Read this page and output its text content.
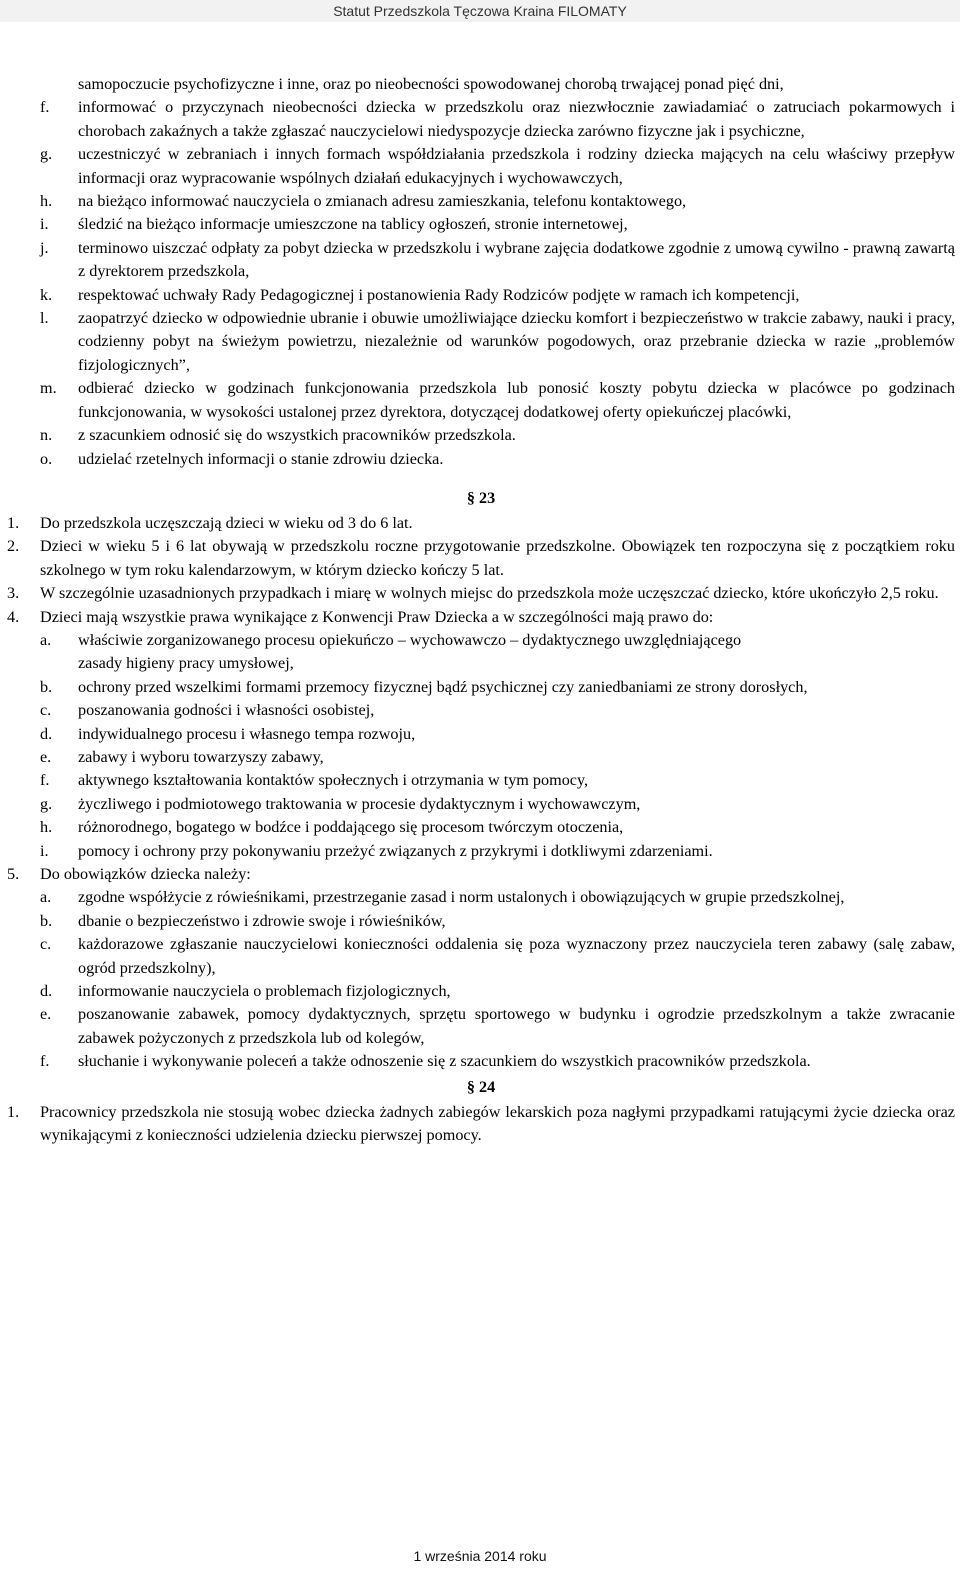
Statut Przedszkola Tęczowa Kraina FILOMATY
samopoczucie psychofizyczne i inne, oraz po nieobecności spowodowanej chorobą trwającej ponad pięć dni,
f. informować o przyczynach nieobecności dziecka w przedszkolu oraz niezwłocznie zawiadamiać o zatruciach pokarmowych i chorobach zakaźnych a także zgłaszać nauczycielowi niedyspozycje dziecka zarówno fizyczne jak i psychiczne,
g. uczestniczyć w zebraniach i innych formach współdziałania przedszkola i rodziny dziecka mających na celu właściwy przepływ informacji oraz wypracowanie wspólnych działań edukacyjnych i wychowawczych,
h. na bieżąco informować nauczyciela o zmianach adresu zamieszkania, telefonu kontaktowego,
i. śledzić na bieżąco informacje umieszczone na tablicy ogłoszeń, stronie internetowej,
j. terminowo uiszczać odpłaty za pobyt dziecka w przedszkolu i wybrane zajęcia dodatkowe zgodnie z umową cywilno - prawną zawartą z dyrektorem przedszkola,
k. respektować uchwały Rady Pedagogicznej i postanowienia Rady Rodziców podjęte w ramach ich kompetencji,
l. zaopatrzyć dziecko w odpowiednie ubranie i obuwie umożliwiające dziecku komfort i bezpieczeństwo w trakcie zabawy, nauki i pracy, codzienny pobyt na świeżym powietrzu, niezależnie od warunków pogodowych, oraz przebranie dziecka w razie „problemów fizjologicznych”,
m. odbierać dziecko w godzinach funkcjonowania przedszkola lub ponosić koszty pobytu dziecka w placówce po godzinach funkcjonowania, w wysokości ustalonej przez dyrektora, dotyczącej dodatkowej oferty opiekuńczej placówki,
n. z szacunkiem odnosić się do wszystkich pracowników przedszkola.
o. udzielać rzetelnych informacji o stanie zdrowiu dziecka.
§ 23
1. Do przedszkola uczęszczają dzieci w wieku od 3 do 6 lat.
2. Dzieci w wieku 5 i 6 lat obywają w przedszkolu roczne przygotowanie przedszkolne. Obowiązek ten rozpoczyna się z początkiem roku szkolnego w tym roku kalendarzowym, w którym dziecko kończy 5 lat.
3. W szczególnie uzasadnionych przypadkach i miarę w wolnych miejsc do przedszkola może uczęszczać dziecko, które ukończyło 2,5 roku.
4. Dzieci mają wszystkie prawa wynikające z Konwencji Praw Dziecka a w szczególności mają prawo do:
a. właściwie zorganizowanego procesu opiekuńczo – wychowawczo – dydaktycznego uwzględniającego
zasady higieny pracy umysłowej,
b. ochrony przed wszelkimi formami przemocy fizycznej bądź psychicznej czy zaniedbaniami ze strony dorosłych,
c. poszanowania godności i własności osobistej,
d. indywidualnego procesu i własnego tempa rozwoju,
e. zabawy i wyboru towarzyszy zabawy,
f. aktywnego kształtowania kontaktów społecznych i otrzymania w tym pomocy,
g. życzliwego i podmiotowego traktowania w procesie dydaktycznym i wychowawczym,
h. różnorodnego, bogatego w bodźce i poddającego się procesom twórczym otoczenia,
i. pomocy i ochrony przy pokonywaniu przeżyć związanych z przykrymi i dotkliwymi zdarzeniami.
5. Do obowiązków dziecka należy:
a. zgodne współżycie z rówieśnikami, przestrzeganie zasad i norm ustalonych i obowiązujących w grupie przedszkolnej,
b. dbanie o bezpieczeństwo i zdrowie swoje i rówieśników,
c. każdorazowe zgłaszanie nauczycielowi konieczności oddalenia się poza wyznaczony przez nauczyciela teren zabawy (salę zabaw, ogród przedszkolny),
d. informowanie nauczyciela o problemach fizjologicznych,
e. poszanowanie zabawek, pomocy dydaktycznych, sprzętu sportowego w budynku i ogrodzie przedszkolnym a także zwracanie zabawek pożyczonych z przedszkola lub od kolegów,
f. słuchanie i wykonywanie poleceń a także odnoszenie się z szacunkiem do wszystkich pracowników przedszkola.
§ 24
1. Pracownicy przedszkola nie stosują wobec dziecka żadnych zabiegów lekarskich poza nagłymi przypadkami ratującymi życie dziecka oraz wynikającymi z konieczności udzielenia dziecku pierwszej pomocy.
1 września 2014 roku
